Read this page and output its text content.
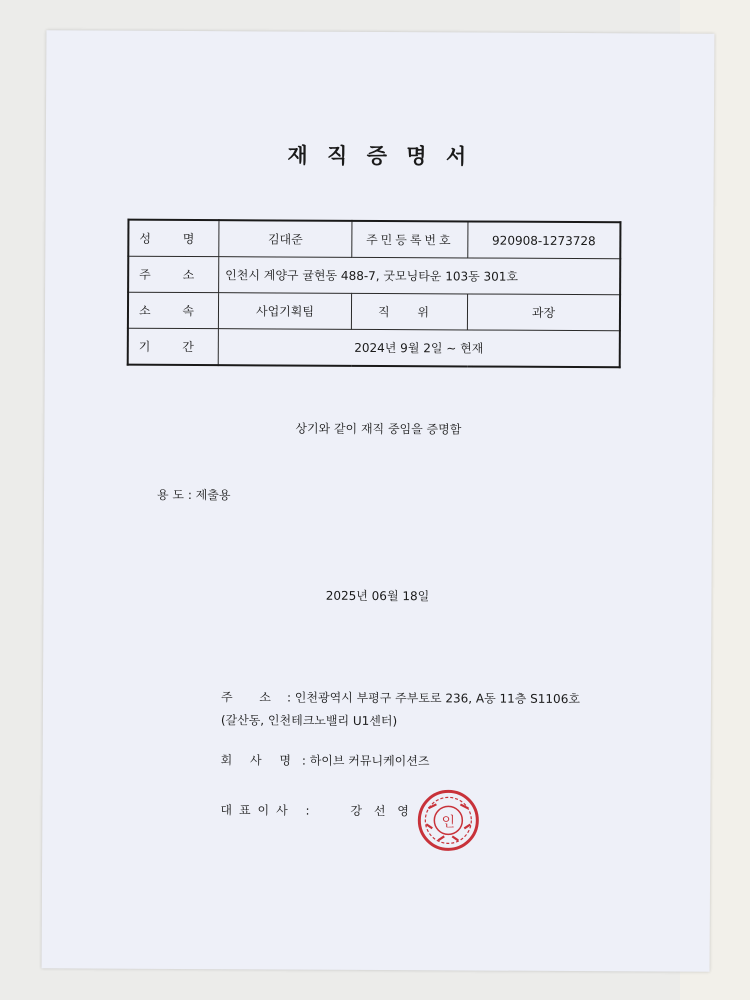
재 직 증 명 서
성 명	김대준	주민등록번호	920908-1273728
주 소	인천시 계양구 귤현동 488-7, 굿모닝타운 103동 301호		
소 속	사업기획팀	직 위	과장
기 간	2024년 9월 2일 ~ 현재		
상기와 같이 재직 중임을 증명함
용 도 : 제출용
2025년 06월 18일
주       소 : 인천광역시 부평구 주부토로 236, A동 11층 S1106호
(갈산동, 인천테크노밸리 U1센터)
회 사 명 : 하이브 커뮤니케이션즈
대표이사 :	강 선 영
인
